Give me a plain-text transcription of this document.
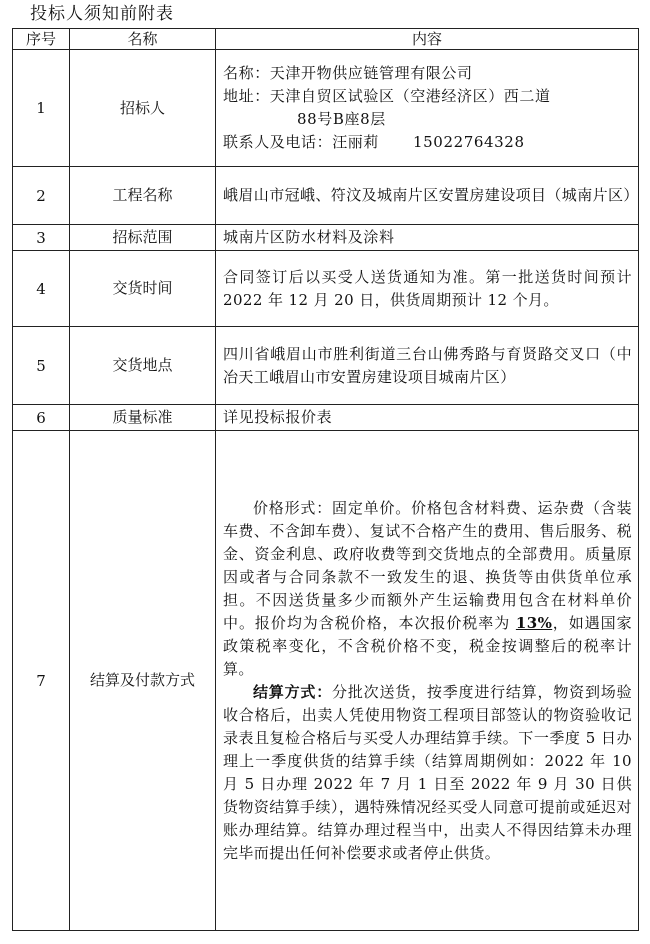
投标人须知前附表
序号	名称	内容
1	招标人	名称：天津开物供应链管理有限公司
地址：天津自贸区试验区（空港经济区）西二道
88号B座8层
联系人及电话：汪丽莉 15022764328

2	工程名称	峨眉山市冠峨、符汶及城南片区安置房建设项目（城南片区）
3	招标范围	城南片区防水材料及涂料
4	交货时间	合同签订后以买受人送货通知为准。第一批送货时间预计 2022 年 12 月 20 日，供货周期预计 12 个月。
5	交货地点	四川省峨眉山市胜利街道三台山佛秀路与育贤路交叉口（中冶天工峨眉山市安置房建设项目城南片区）
6	质量标准	详见投标报价表
7	结算及付款方式	价格形式：固定单价。价格包含材料费、运杂费（含装车费、不含卸车费）、复试不合格产生的费用、售后服务、税金、资金利息、政府收费等到交货地点的全部费用。质量原因或者与合同条款不一致发生的退、换货等由供货单位承担。不因送货量多少而额外产生运输费用包含在材料单价中。报价均为含税价格，本次报价税率为 13%，如遇国家政策税率变化，不含税价格不变，税金按调整后的税率计算。
结算方式：分批次送货，按季度进行结算，物资到场验收合格后，出卖人凭使用物资工程项目部签认的物资验收记录表且复检合格后与买受人办理结算手续。下一季度 5 日办理上一季度供货的结算手续（结算周期例如：2022 年 10 月 5 日办理 2022 年 7 月 1 日至 2022 年 9 月 30 日供货物资结算手续），遇特殊情况经买受人同意可提前或延迟对账办理结算。结算办理过程当中，出卖人不得因结算未办理完毕而提出任何补偿要求或者停止供货。
